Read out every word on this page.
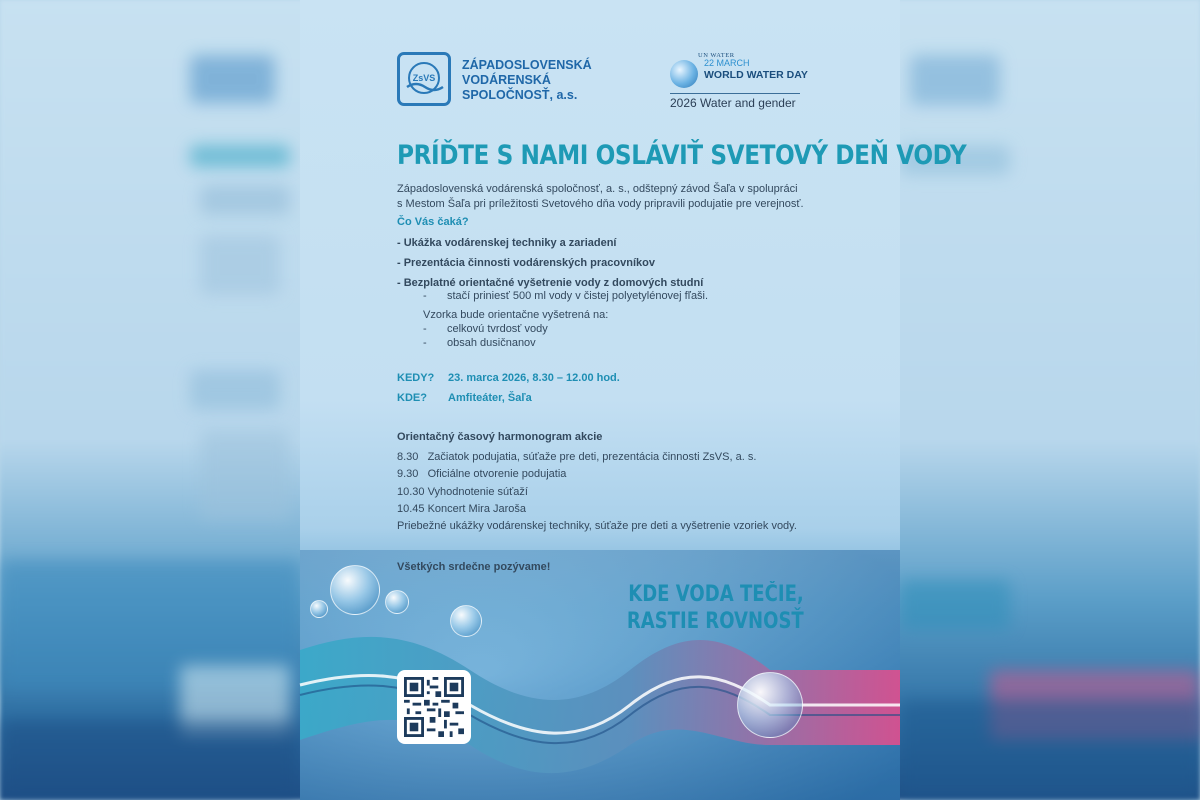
ZsVS
ZÁPADOSLOVENSKÁ
VODÁRENSKÁ
SPOLOČNOSŤ, a.s.
UN WATER
22 MARCH
WORLD WATER DAY
2026 Water and gender
PRÍĎTE S NAMI OSLÁVIŤ SVETOVÝ DEŇ VODY
Západoslovenská vodárenská spoločnosť, a. s., odštepný závod Šaľa v spolupráci
s Mestom Šaľa pri príležitosti Svetového dňa vody pripravili podujatie pre verejnosť.
Čo Vás čaká?
- Ukážka vodárenskej techniky a zariadení
- Prezentácia činnosti vodárenských pracovníkov
- Bezplatné orientačné vyšetrenie vody z domových studní
- stačí priniesť 500 ml vody v čistej polyetylénovej fľaši.
Vzorka bude orientačne vyšetrená na:
- celkovú tvrdosť vody
- obsah dusičnanov
KEDY? 23. marca 2026, 8.30 – 12.00 hod.
KDE? Amfiteáter, Šaľa
Orientačný časový harmonogram akcie
8.30   Začiatok podujatia, súťaže pre deti, prezentácia činnosti ZsVS, a. s.
9.30   Oficiálne otvorenie podujatia
10.30 Vyhodnotenie súťaží
10.45 Koncert Mira Jaroša
Priebežné ukážky vodárenskej techniky, súťaže pre deti a vyšetrenie vzoriek vody.
Všetkých srdečne pozývame!
KDE VODA TEČIE,
RASTIE ROVNOSŤ
